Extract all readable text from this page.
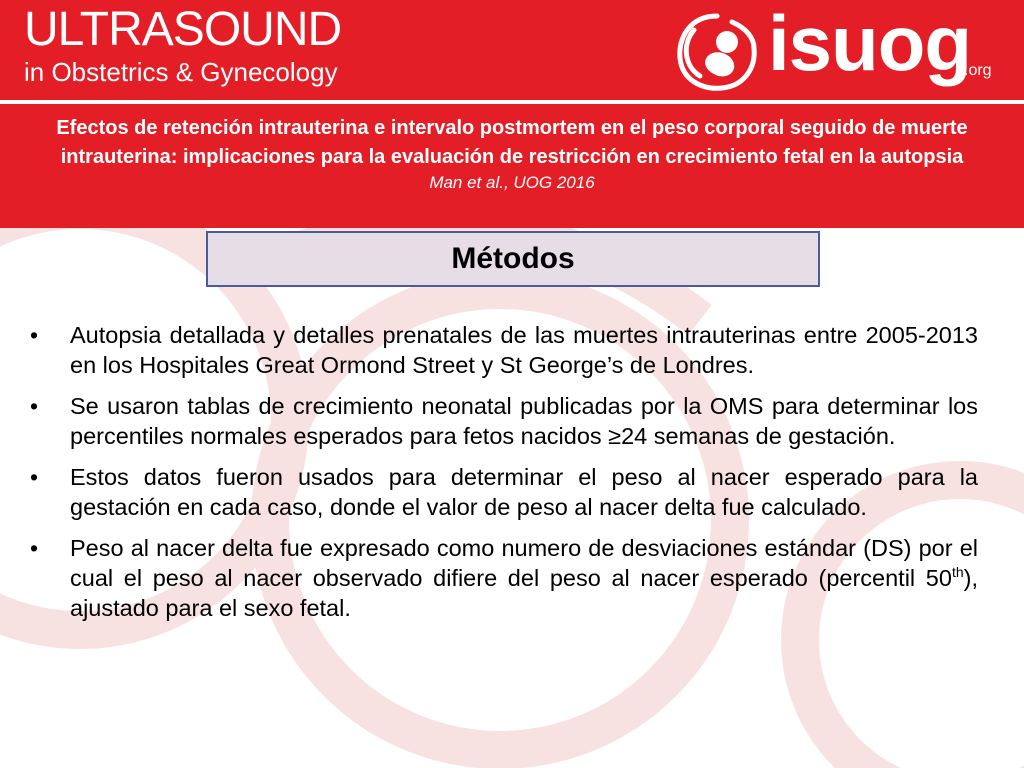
ULTRASOUND
in Obstetrics & Gynecology	isuog
.org
Efectos de retención intrauterina e intervalo postmortem en el peso corporal seguido de muerte intrauterina: implicaciones para la evaluación de restricción en crecimiento fetal en la autopsia
Man et al., UOG 2016
Métodos
• Autopsia detallada y detalles prenatales de las muertes intrauterinas entre 2005-2013 en los Hospitales Great Ormond Street y St George’s de Londres.
• Se usaron tablas de crecimiento neonatal publicadas por la OMS para determinar los percentiles normales esperados para fetos nacidos ≥24 semanas de gestación.
• Estos datos fueron usados para determinar el peso al nacer esperado para la gestación en cada caso, donde el valor de peso al nacer delta fue calculado.
• Peso al nacer delta fue expresado como numero de desviaciones estándar (DS) por el cual el peso al nacer observado difiere del peso al nacer esperado (percentil 50th), ajustado para el sexo fetal.
